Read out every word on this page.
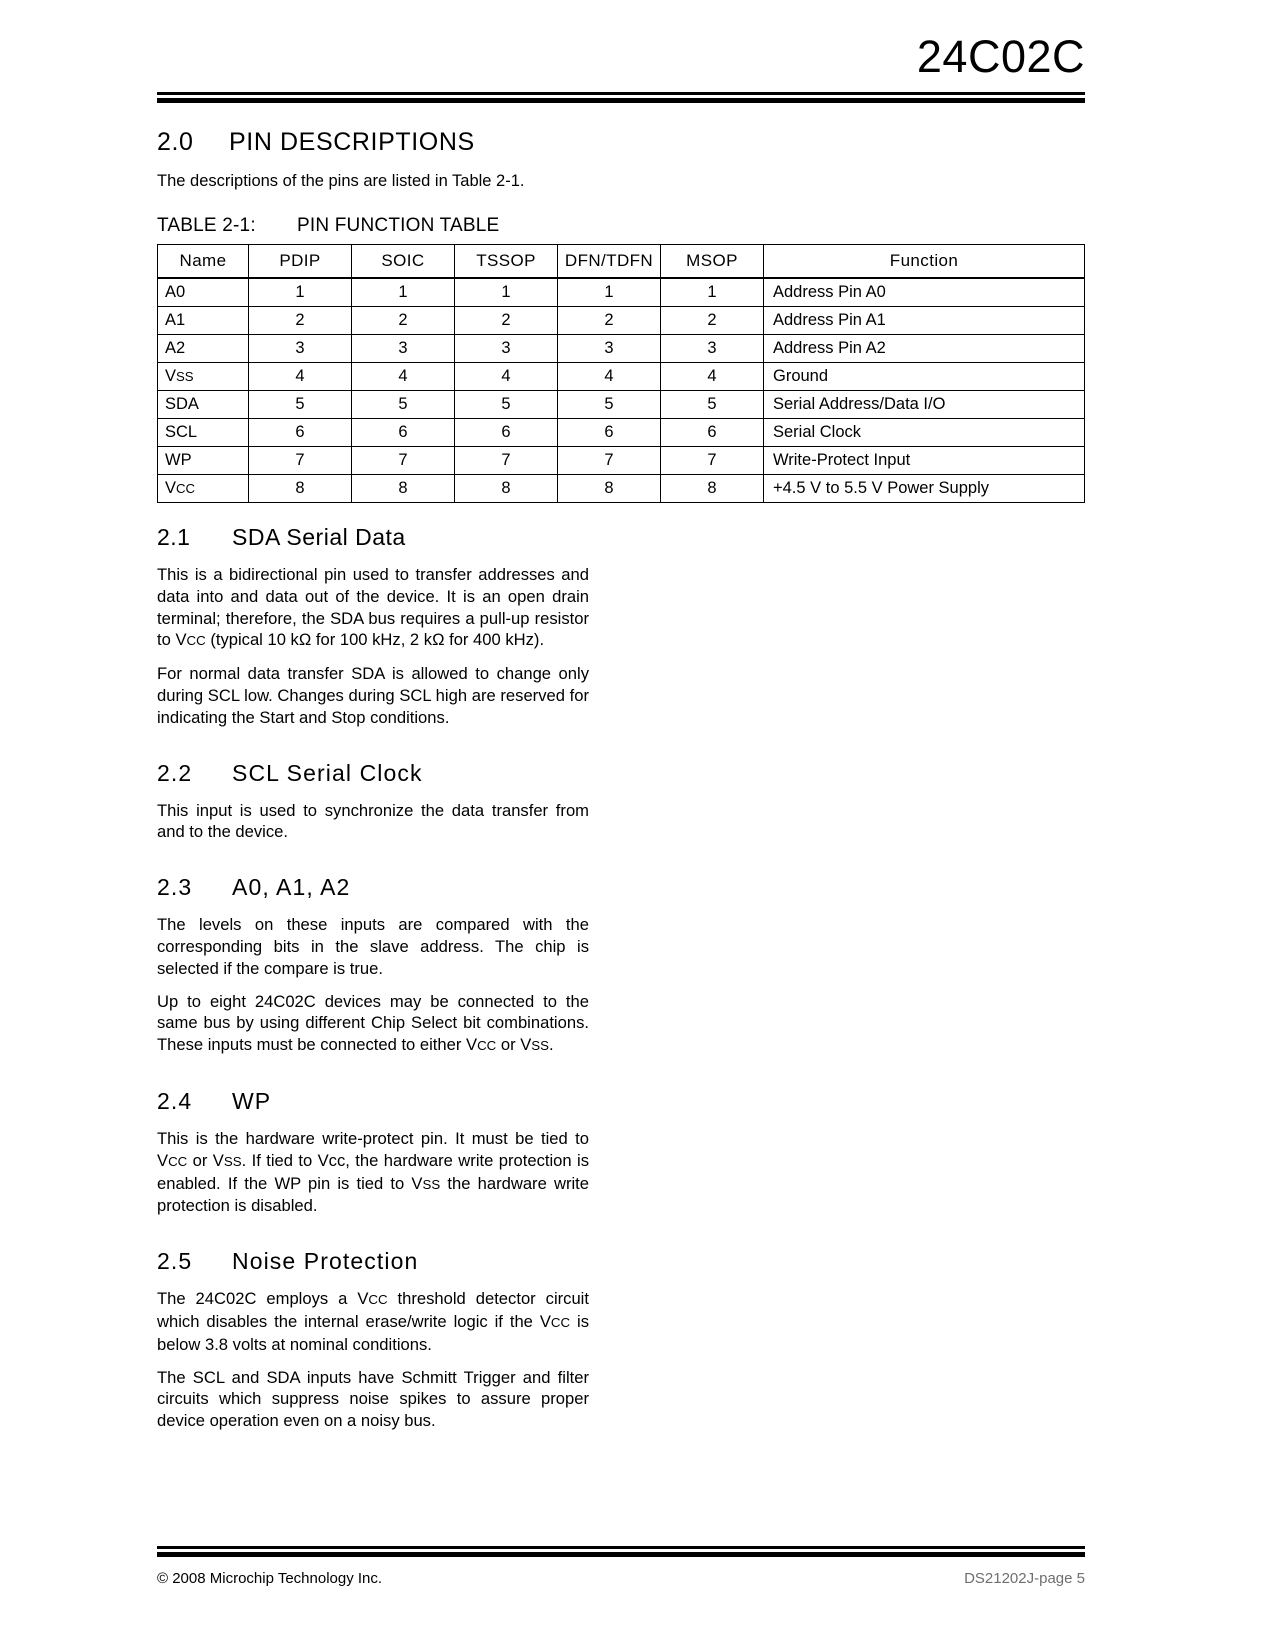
24C02C
2.0 PIN DESCRIPTIONS

The descriptions of the pins are listed in Table 2-1.

TABLE 2-1: PIN FUNCTION TABLE
Name	PDIP	SOIC	TSSOP	DFN/TDFN	MSOP	Function
A0	1	1	1	1	1	Address Pin A0
A1	2	2	2	2	2	Address Pin A1
A2	3	3	3	3	3	Address Pin A2
VSS	4	4	4	4	4	Ground
SDA	5	5	5	5	5	Serial Address/Data I/O
SCL	6	6	6	6	6	Serial Clock
WP	7	7	7	7	7	Write-Protect Input
VCC	8	8	8	8	8	+4.5 V to 5.5 V Power Supply
2.1 SDA Serial Data

This is a bidirectional pin used to transfer addresses and data into and data out of the device. It is an open drain terminal; therefore, the SDA bus requires a pull-up resistor to VCC (typical 10 kΩ for 100 kHz, 2 kΩ for 400 kHz).

For normal data transfer SDA is allowed to change only during SCL low. Changes during SCL high are reserved for indicating the Start and Stop conditions.

2.2 SCL Serial Clock

This input is used to synchronize the data transfer from and to the device.

2.3 A0, A1, A2

The levels on these inputs are compared with the corresponding bits in the slave address. The chip is selected if the compare is true.

Up to eight 24C02C devices may be connected to the same bus by using different Chip Select bit combinations. These inputs must be connected to either VCC or VSS.

2.4 WP

This is the hardware write-protect pin. It must be tied to VCC or VSS. If tied to Vcc, the hardware write protection is enabled. If the WP pin is tied to VSS the hardware write protection is disabled.

2.5 Noise Protection

The 24C02C employs a VCC threshold detector circuit which disables the internal erase/write logic if the VCC is below 3.8 volts at nominal conditions.

The SCL and SDA inputs have Schmitt Trigger and filter circuits which suppress noise spikes to assure proper device operation even on a noisy bus.

© 2008 Microchip Technology Inc.	DS21202J-page 5
